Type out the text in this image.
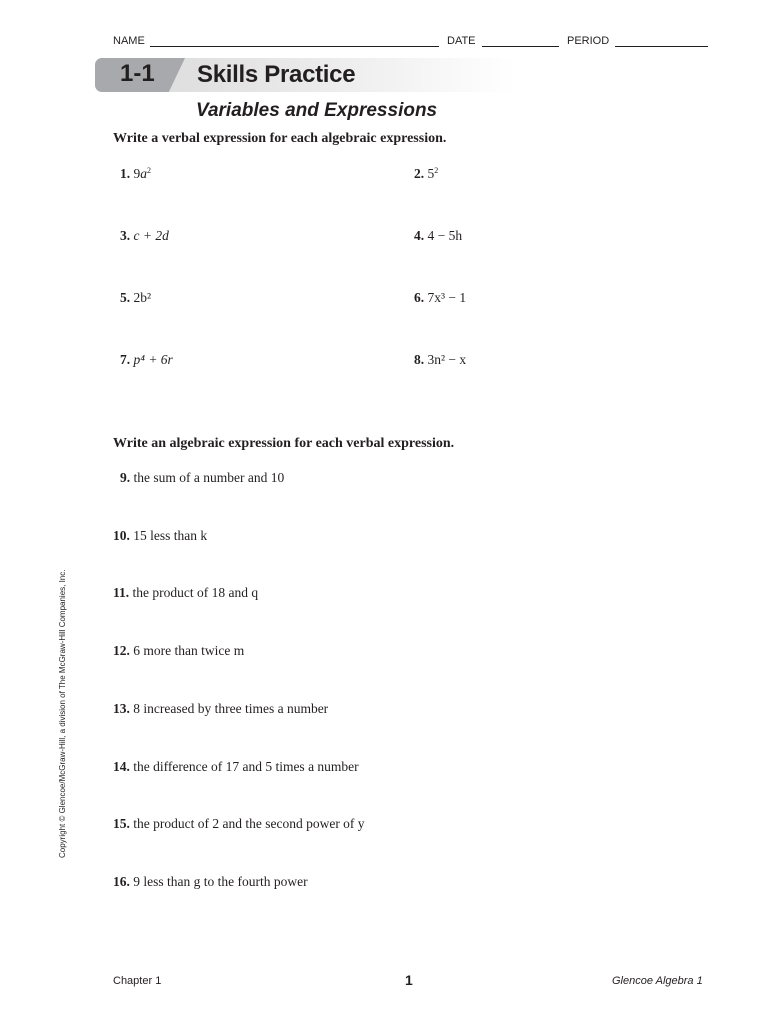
NAME	DATE	PERIOD
1-1 Skills Practice
Variables and Expressions
Write a verbal expression for each algebraic expression.
1. $9a^2$	2. $5^2$
3. c + 2d	4. 4 − 5h
5. 2b²	6. 7x³ − 1
7. p⁴ + 6r	8. 3n² − x
Write an algebraic expression for each verbal expression.
9. the sum of a number and 10
10. 15 less than k
11. the product of 18 and q
12. 6 more than twice m
13. 8 increased by three times a number
14. the difference of 17 and 5 times a number
15. the product of 2 and the second power of y
16. 9 less than g to the fourth power
Copyright © Glencoe/McGraw-Hill, a division of The McGraw-Hill Companies, Inc.
Chapter 1	1	Glencoe Algebra 1
